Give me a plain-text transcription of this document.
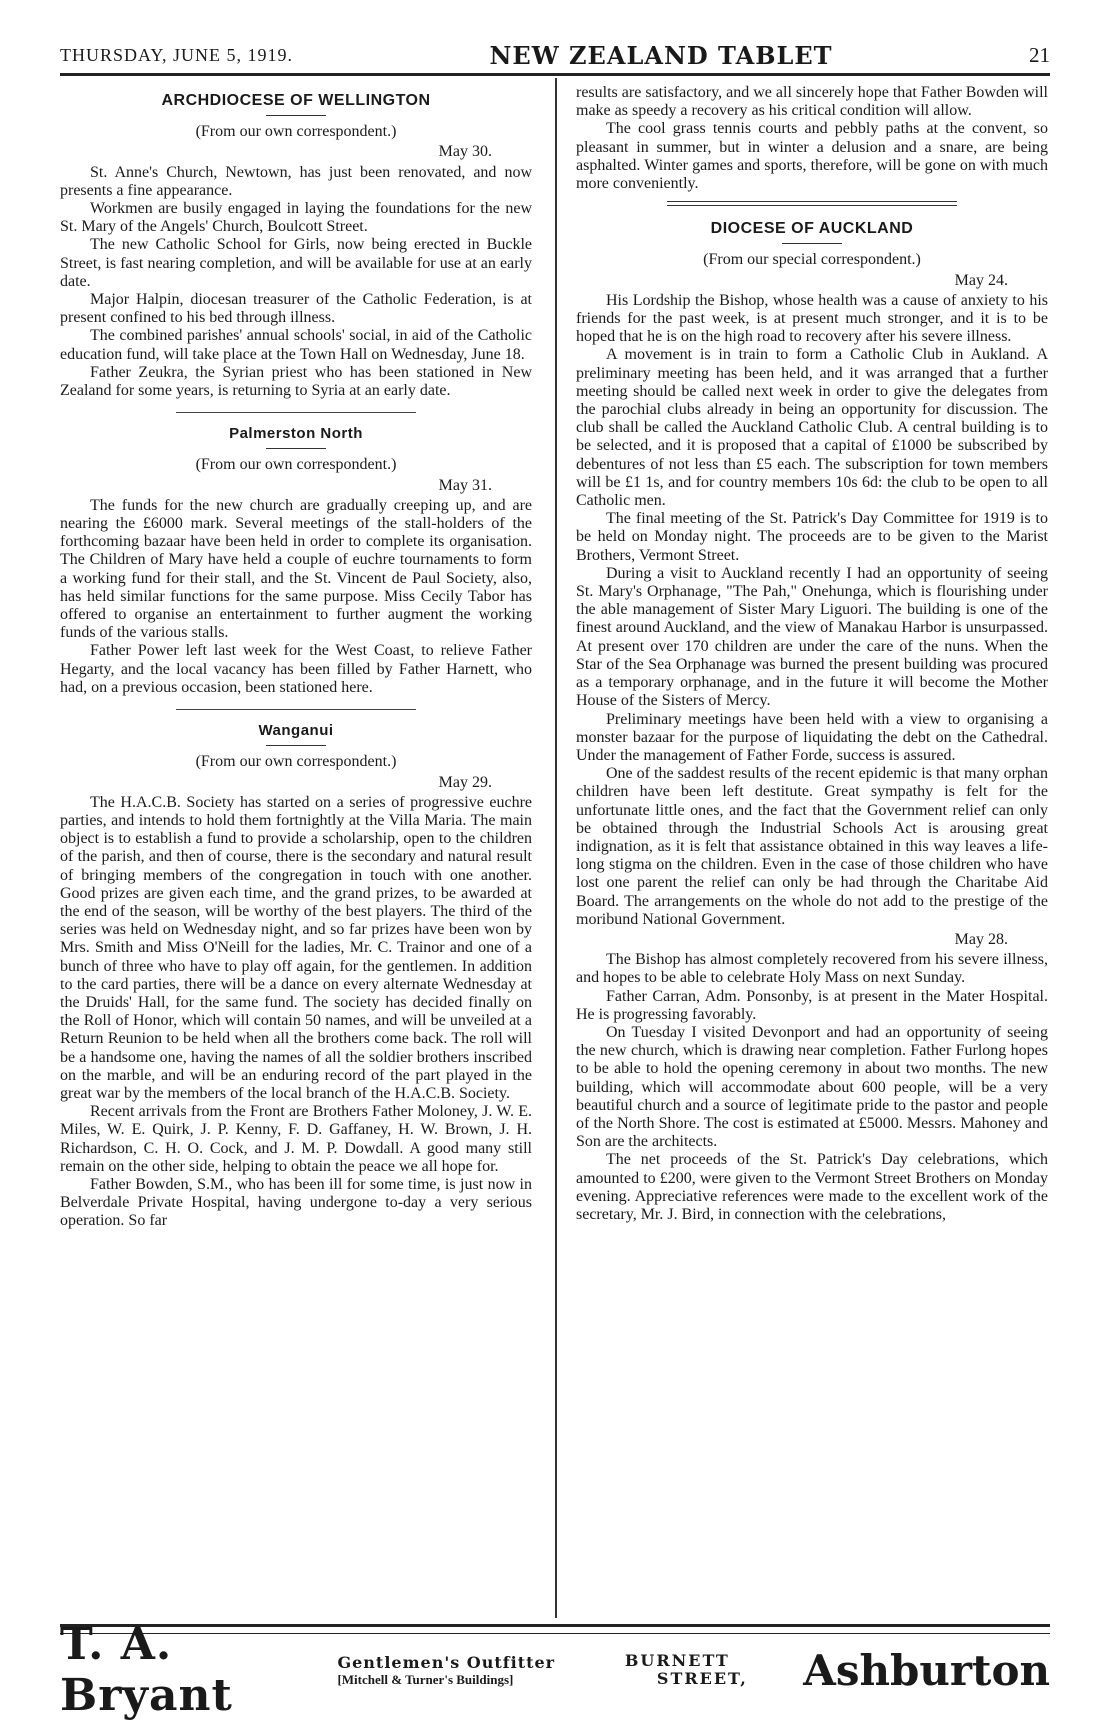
THURSDAY, JUNE 5, 1919.	NEW ZEALAND TABLET	21
ARCHDIOCESE OF WELLINGTON
(From our own correspondent.)
May 30.

St. Anne's Church, Newtown, has just been renovated, and now presents a fine appearance.

Workmen are busily engaged in laying the foundations for the new St. Mary of the Angels' Church, Boulcott Street.

The new Catholic School for Girls, now being erected in Buckle Street, is fast nearing completion, and will be available for use at an early date.

Major Halpin, diocesan treasurer of the Catholic Federation, is at present confined to his bed through illness.

The combined parishes' annual schools' social, in aid of the Catholic education fund, will take place at the Town Hall on Wednesday, June 18.

Father Zeukra, the Syrian priest who has been stationed in New Zealand for some years, is returning to Syria at an early date.

Palmerston North
(From our own correspondent.)
May 31.

The funds for the new church are gradually creeping up, and are nearing the £6000 mark. Several meetings of the stall-holders of the forthcoming bazaar have been held in order to complete its organisation. The Children of Mary have held a couple of euchre tournaments to form a working fund for their stall, and the St. Vincent de Paul Society, also, has held similar functions for the same purpose. Miss Cecily Tabor has offered to organise an entertainment to further augment the working funds of the various stalls.

Father Power left last week for the West Coast, to relieve Father Hegarty, and the local vacancy has been filled by Father Harnett, who had, on a previous occasion, been stationed here.

Wanganui
(From our own correspondent.)
May 29.

The H.A.C.B. Society has started on a series of progressive euchre parties, and intends to hold them fortnightly at the Villa Maria. The main object is to establish a fund to provide a scholarship, open to the children of the parish, and then of course, there is the secondary and natural result of bringing members of the congregation in touch with one another. Good prizes are given each time, and the grand prizes, to be awarded at the end of the season, will be worthy of the best players. The third of the series was held on Wednesday night, and so far prizes have been won by Mrs. Smith and Miss O'Neill for the ladies, Mr. C. Trainor and one of a bunch of three who have to play off again, for the gentlemen. In addition to the card parties, there will be a dance on every alternate Wednesday at the Druids' Hall, for the same fund. The society has decided finally on the Roll of Honor, which will contain 50 names, and will be unveiled at a Return Reunion to be held when all the brothers come back. The roll will be a handsome one, having the names of all the soldier brothers inscribed on the marble, and will be an enduring record of the part played in the great war by the members of the local branch of the H.A.C.B. Society.

Recent arrivals from the Front are Brothers Father Moloney, J. W. E. Miles, W. E. Quirk, J. P. Kenny, F. D. Gaffaney, H. W. Brown, J. H. Richardson, C. H. O. Cock, and J. M. P. Dowdall. A good many still remain on the other side, helping to obtain the peace we all hope for.

Father Bowden, S.M., who has been ill for some time, is just now in Belverdale Private Hospital, having undergone to-day a very serious operation. So far

results are satisfactory, and we all sincerely hope that Father Bowden will make as speedy a recovery as his critical condition will allow.

The cool grass tennis courts and pebbly paths at the convent, so pleasant in summer, but in winter a delusion and a snare, are being asphalted. Winter games and sports, therefore, will be gone on with much more conveniently.

DIOCESE OF AUCKLAND
(From our special correspondent.)
May 24.

His Lordship the Bishop, whose health was a cause of anxiety to his friends for the past week, is at present much stronger, and it is to be hoped that he is on the high road to recovery after his severe illness.

A movement is in train to form a Catholic Club in Aukland. A preliminary meeting has been held, and it was arranged that a further meeting should be called next week in order to give the delegates from the parochial clubs already in being an opportunity for discussion. The club shall be called the Auckland Catholic Club. A central building is to be selected, and it is proposed that a capital of £1000 be subscribed by debentures of not less than £5 each. The subscription for town members will be £1 1s, and for country members 10s 6d: the club to be open to all Catholic men.

The final meeting of the St. Patrick's Day Committee for 1919 is to be held on Monday night. The proceeds are to be given to the Marist Brothers, Vermont Street.

During a visit to Auckland recently I had an opportunity of seeing St. Mary's Orphanage, "The Pah," Onehunga, which is flourishing under the able management of Sister Mary Liguori. The building is one of the finest around Auckland, and the view of Manakau Harbor is unsurpassed. At present over 170 children are under the care of the nuns. When the Star of the Sea Orphanage was burned the present building was procured as a temporary orphanage, and in the future it will become the Mother House of the Sisters of Mercy.

Preliminary meetings have been held with a view to organising a monster bazaar for the purpose of liquidating the debt on the Cathedral. Under the management of Father Forde, success is assured.

One of the saddest results of the recent epidemic is that many orphan children have been left destitute. Great sympathy is felt for the unfortunate little ones, and the fact that the Government relief can only be obtained through the Industrial Schools Act is arousing great indignation, as it is felt that assistance obtained in this way leaves a life-long stigma on the children. Even in the case of those children who have lost one parent the relief can only be had through the Charitabe Aid Board. The arrangements on the whole do not add to the prestige of the moribund National Government.

May 28.

The Bishop has almost completely recovered from his severe illness, and hopes to be able to celebrate Holy Mass on next Sunday.

Father Carran, Adm. Ponsonby, is at present in the Mater Hospital. He is progressing favorably.

On Tuesday I visited Devonport and had an opportunity of seeing the new church, which is drawing near completion. Father Furlong hopes to be able to hold the opening ceremony in about two months. The new building, which will accommodate about 600 people, will be a very beautiful church and a source of legitimate pride to the pastor and people of the North Shore. The cost is estimated at £5000. Messrs. Mahoney and Son are the architects.

The net proceeds of the St. Patrick's Day celebrations, which amounted to £200, were given to the Vermont Street Brothers on Monday evening. Appreciative references were made to the excellent work of the secretary, Mr. J. Bird, in connection with the celebrations,

T. A. Bryant
Gentlemen's Outfitter
[Mitchell & Turner's Buildings]
BURNETT
STREET,	Ashburton
